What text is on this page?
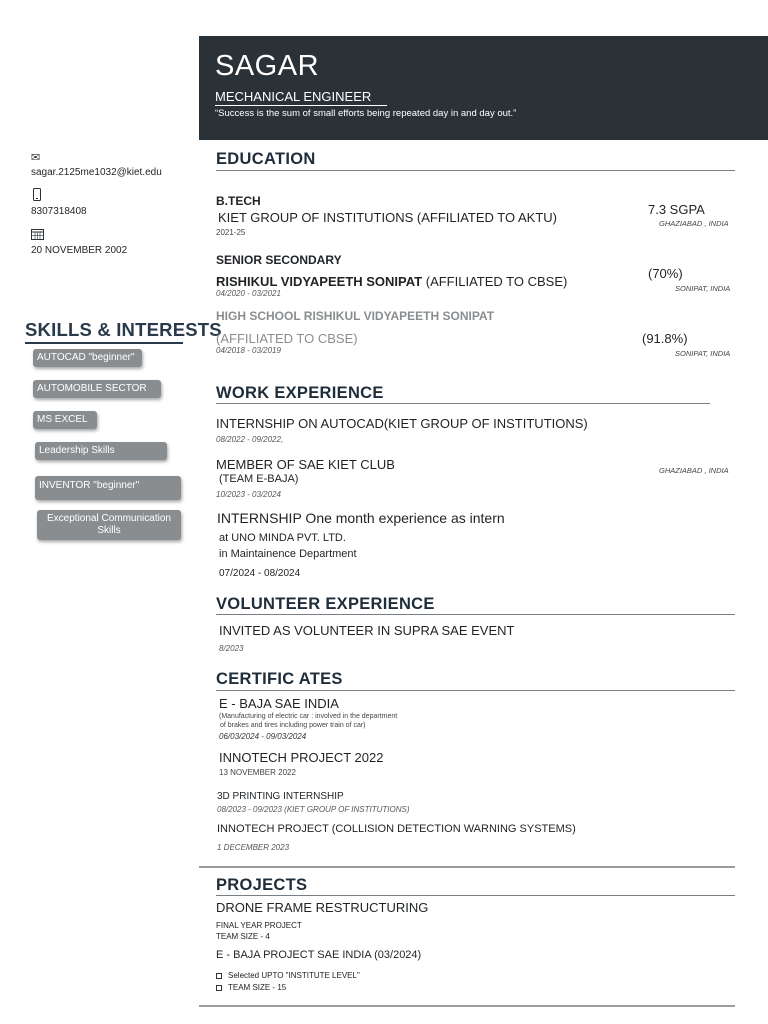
SAGAR
MECHANICAL ENGINEER
“Success is the sum of small efforts being repeated day in and day out.”
✉
sagar.2125me1032@kiet.edu
8307318408
20 NOVEMBER 2002
SKILLS & INTERESTS
AUTOCAD "beginner"
AUTOMOBILE SECTOR
MS EXCEL
Leadership Skills
INVENTOR "beginner"
Exceptional Communication Skills
EDUCATION
B.TECH
KIET GROUP OF INSTITUTIONS (AFFILIATED TO AKTU)
2021-25
7.3 SGPA
GHAZIABAD , INDIA
SENIOR SECONDARY
RISHIKUL VIDYAPEETH SONIPAT (AFFILIATED TO CBSE)
04/2020 - 03/2021
(70%)
SONIPAT, INDIA
HIGH SCHOOL RISHIKUL VIDYAPEETH SONIPAT
(AFFILIATED TO CBSE)
04/2018 - 03/2019
(91.8%)
SONIPAT, INDIA
WORK EXPERIENCE
INTERNSHIP ON AUTOCAD(KIET GROUP OF INSTITUTIONS)
08/2022 - 09/2022,
MEMBER OF SAE KIET CLUB
(TEAM E-BAJA)
10/2023 - 03/2024
GHAZIABAD , INDIA
INTERNSHIP One month experience as intern
at UNO MINDA PVT. LTD.
in Maintainence Department
07/2024 - 08/2024
VOLUNTEER EXPERIENCE
INVITED AS VOLUNTEER IN SUPRA SAE EVENT
8/2023
CERTIFIC ATES
E - BAJA SAE INDIA
(Manufacturing of electric car : involved in the department
of brakes and tires including power train of car)
06/03/2024 - 09/03/2024
INNOTECH PROJECT 2022
13 NOVEMBER 2022
3D PRINTING INTERNSHIP
08/2023 - 09/2023 (KIET GROUP OF INSTITUTIONS)
INNOTECH PROJECT (COLLISION DETECTION WARNING SYSTEMS)
1 DECEMBER 2023
PROJECTS
DRONE FRAME RESTRUCTURING
FINAL YEAR PROJECT
TEAM SIZE - 4
E - BAJA PROJECT SAE INDIA (03/2024)
Selected UPTO "INSTITUTE LEVEL"
TEAM SIZE - 15
